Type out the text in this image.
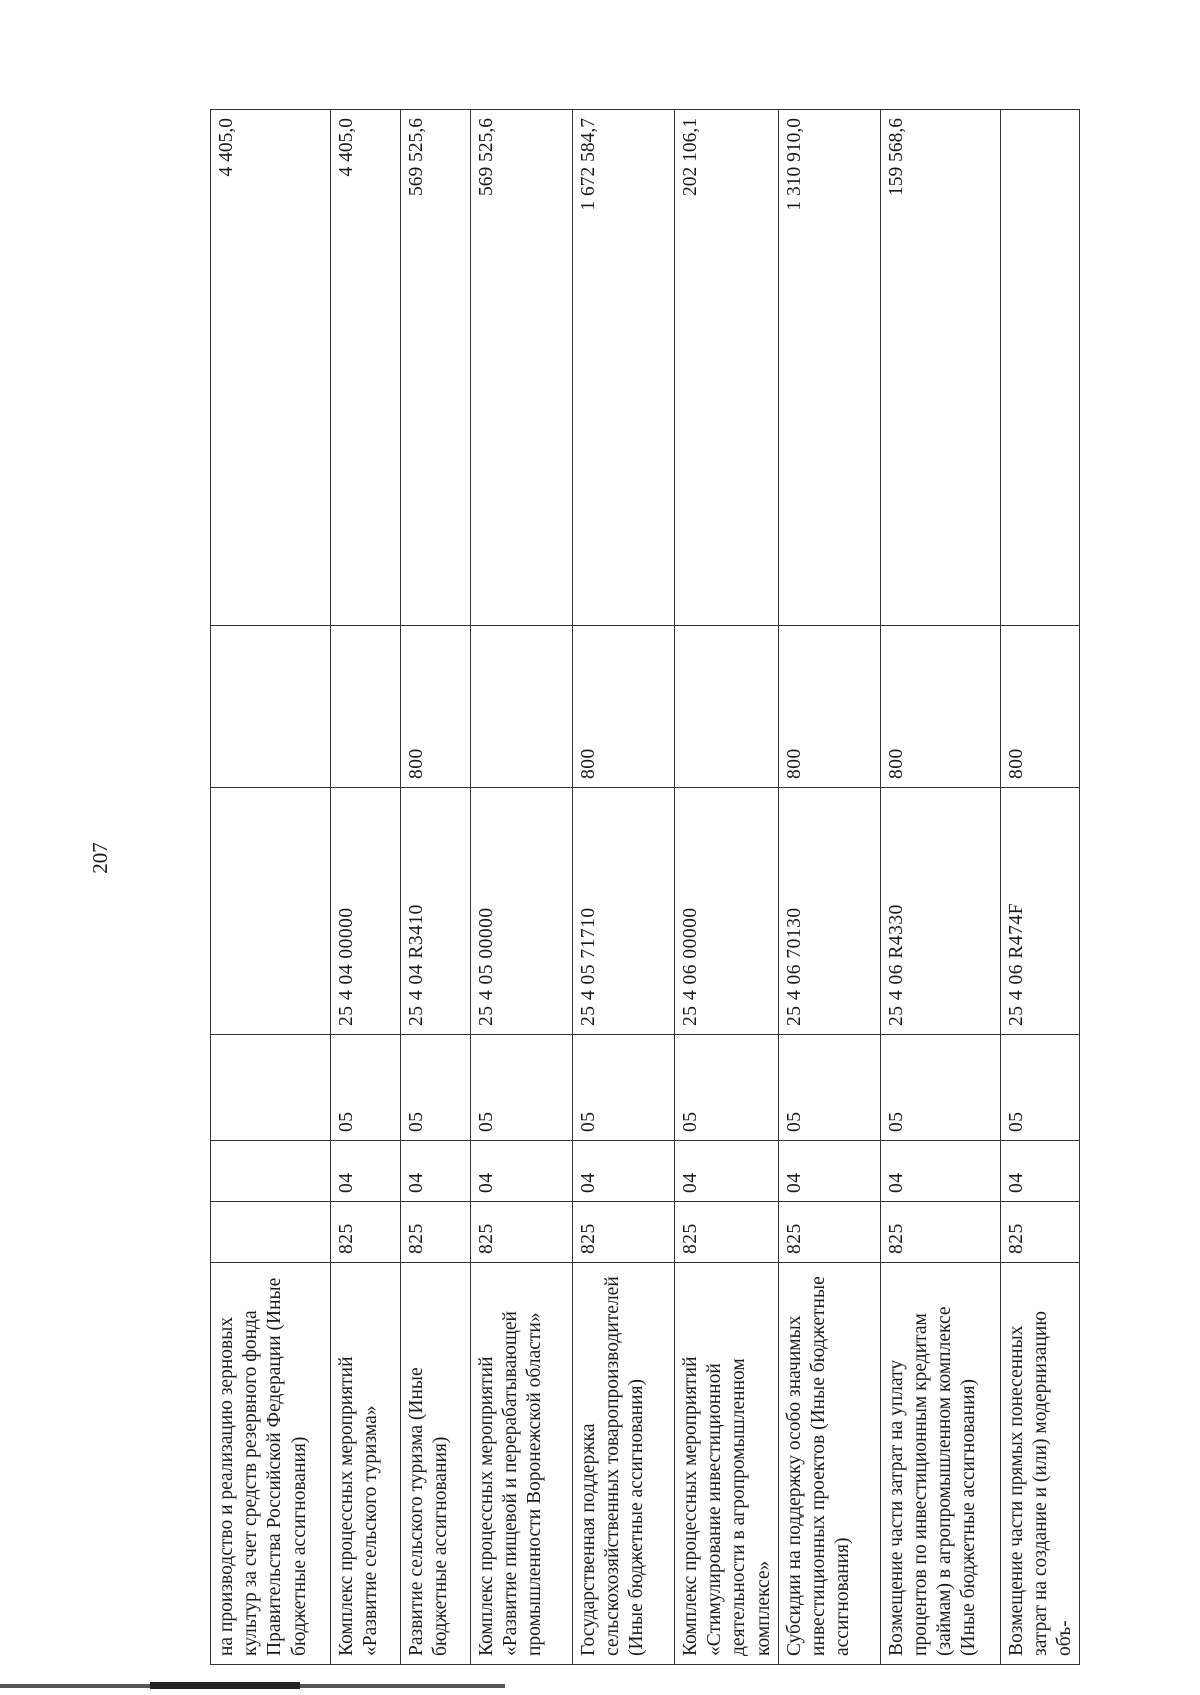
207
на производство и реализацию зерновых культур за счет средств резервного фонда Правительства Российской Федерации (Иные бюджетные ассигнования)						4 405,0
Комплекс процессных мероприятий «Развитие сельского туризма»	825	04	05	25 4 04 00000		4 405,0
Развитие сельского туризма (Иные бюджетные ассигнования)	825	04	05	25 4 04 R3410	800	569 525,6
Комплекс процессных мероприятий «Развитие пищевой и перерабатывающей промышленности Воронежской области»	825	04	05	25 4 05 00000		569 525,6
Государственная поддержка сельскохозяйственных товаропроизводителей (Иные бюджетные ассигнования)	825	04	05	25 4 05 71710	800	1 672 584,7
Комплекс процессных мероприятий «Стимулирование инвестиционной деятельности в агропромышленном комплексе»	825	04	05	25 4 06 00000		202 106,1
Субсидии на поддержку особо значимых инвестиционных проектов (Иные бюджетные ассигнования)	825	04	05	25 4 06 70130	800	1 310 910,0
Возмещение части затрат на уплату процентов по инвестиционным кредитам (займам) в агропромышленном комплексе (Иные бюджетные ассигнования)	825	04	05	25 4 06 R4330	800	159 568,6
Возмещение части прямых понесенных затрат на создание и (или) модернизацию объ-	825	04	05	25 4 06 R474F	800	
